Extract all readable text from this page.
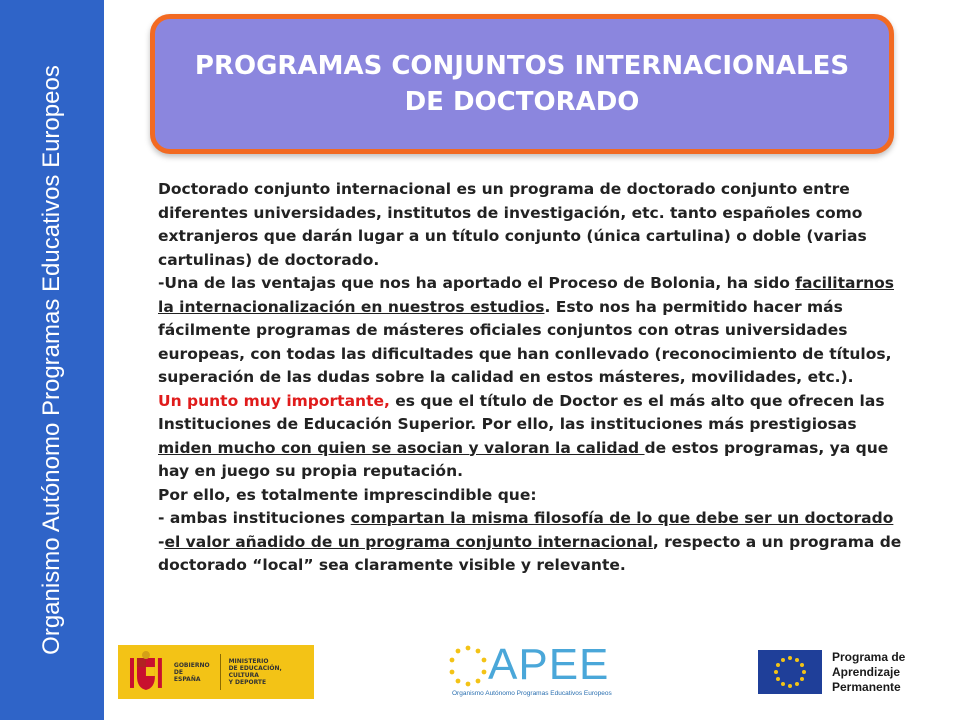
Organismo Autónomo Programas Educativos Europeos	PROGRAMAS CONJUNTOS INTERNACIONALES DE DOCTORADO

Doctorado conjunto internacional es un programa de doctorado conjunto entre diferentes universidades, institutos de investigación, etc. tanto españoles como extranjeros que darán lugar a un título conjunto (única cartulina) o doble (varias cartulinas) de doctorado.

-Una de las ventajas que nos ha aportado el Proceso de Bolonia, ha sido facilitarnos la internacionalización en nuestros estudios. Esto nos ha permitido hacer más fácilmente programas de másteres oficiales conjuntos con otras universidades europeas, con todas las dificultades que han conllevado (reconocimiento de títulos, superación de las dudas sobre la calidad en estos másteres, movilidades, etc.).

Un punto muy importante, es que el título de Doctor es el más alto que ofrecen las Instituciones de Educación Superior. Por ello, las instituciones más prestigiosas miden mucho con quien se asocian y valoran la calidad de estos programas, ya que hay en juego su propia reputación.

Por ello, es totalmente imprescindible que:

- ambas instituciones compartan la misma filosofía de lo que debe ser un doctorado

-el valor añadido de un programa conjunto internacional, respecto a un programa de doctorado “local” sea claramente visible y relevante.

GOBIERNO
DE ESPAÑA
MINISTERIO
DE EDUCACIÓN, CULTURA
Y DEPORTE	APEE
Organismo Autónomo Programas Educativos Europeos
Programa de
Aprendizaje
Permanente
